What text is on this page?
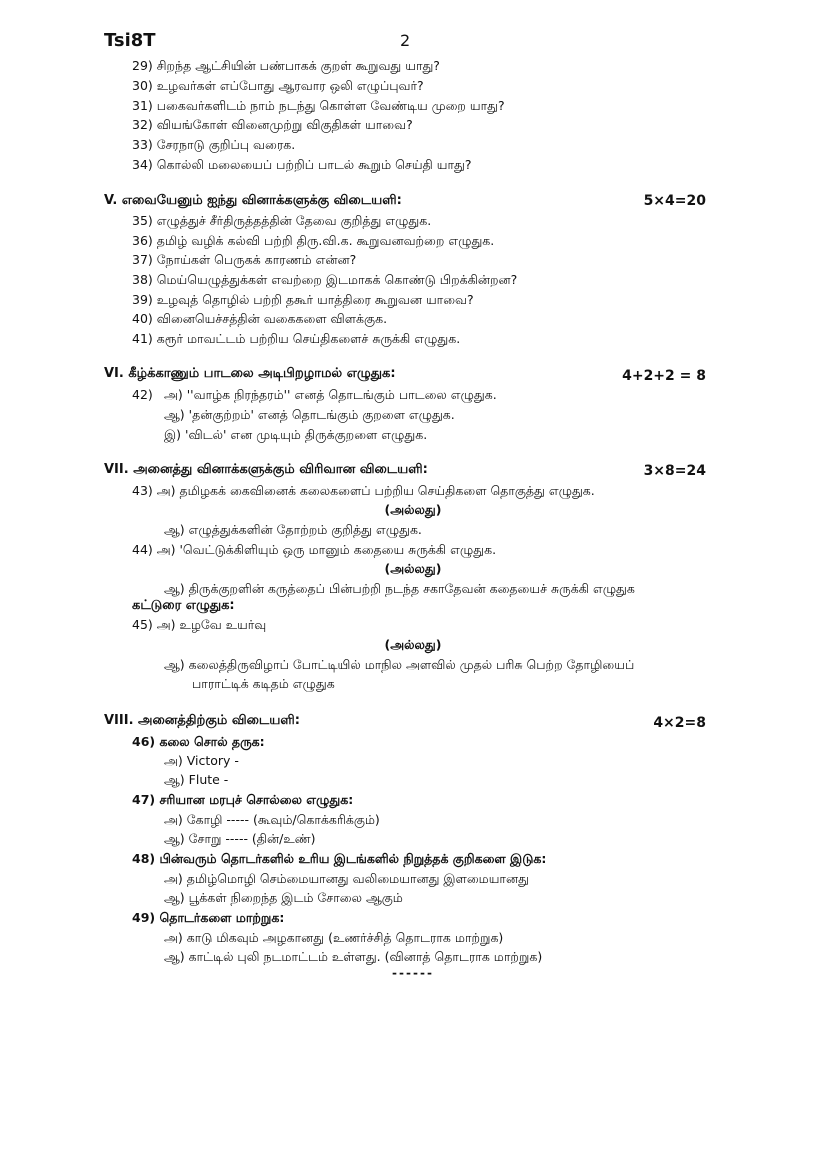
Tsi8T	2
29) சிறந்த ஆட்சியின் பண்பாகக் குறள் கூறுவது யாது?
30) உழவர்கள் எப்போது ஆரவார ஒலி எழுப்புவர்?
31) பகைவர்களிடம் நாம் நடந்து கொள்ள வேண்டிய முறை யாது?
32) வியங்கோள் வினைமுற்று விகுதிகள் யாவை?
33) சேரநாடு குறிப்பு வரைக.
34) கொல்லி மலையைப் பற்றிப் பாடல் கூறும் செய்தி யாது?
V. எவையேனும் ஐந்து வினாக்களுக்கு விடையளி:	5×4=20
35) எழுத்துச் சீர்திருத்தத்தின் தேவை குறித்து எழுதுக.
36) தமிழ் வழிக் கல்வி பற்றி திரு.வி.க. கூறுவனவற்றை எழுதுக.
37) நோய்கள் பெருகக் காரணம் என்ன?
38) மெய்யெழுத்துக்கள் எவற்றை இடமாகக் கொண்டு பிறக்கின்றன?
39) உழவுத் தொழில் பற்றி தகூர் யாத்திரை கூறுவன யாவை?
40) வினையெச்சத்தின் வகைகளை விளக்குக.
41) கரூர் மாவட்டம் பற்றிய செய்திகளைச் சுருக்கி எழுதுக.
VI. கீழ்க்காணும் பாடலை அடிபிறழாமல் எழுதுக:	4+2+2 = 8
42) அ) ''வாழ்க நிரந்தரம்'' எனத் தொடங்கும் பாடலை எழுதுக.
ஆ) 'தன்குற்றம்' எனத் தொடங்கும் குறளை எழுதுக.
இ) 'விடல்' என முடியும் திருக்குறளை எழுதுக.
VII. அனைத்து வினாக்களுக்கும் விரிவான விடையளி:	3×8=24
43) அ) தமிழகக் கைவினைக் கலைகளைப் பற்றிய செய்திகளை தொகுத்து எழுதுக.
(அல்லது)
ஆ) எழுத்துக்களின் தோற்றம் குறித்து எழுதுக.
44) அ) 'வெட்டுக்கிளியும் ஒரு மானும் கதையை சுருக்கி எழுதுக.
(அல்லது)
ஆ) திருக்குறளின் கருத்தைப் பின்பற்றி நடந்த சகாதேவன் கதையைச் சுருக்கி எழுதுக
கட்டுரை எழுதுக:
45) அ) உழவே உயர்வு
(அல்லது)
ஆ) கலைத்திருவிழாப் போட்டியில் மாநில அளவில் முதல் பரிசு பெற்ற தோழியைப்
பாராட்டிக் கடிதம் எழுதுக
VIII. அனைத்திற்கும் விடையளி:	4×2=8
46) கலை சொல் தருக:
அ) Victory -
ஆ) Flute -
47) சரியான மரபுச் சொல்லை எழுதுக:
அ) கோழி ----- (கூவும்/கொக்கரிக்கும்)
ஆ) சோறு ----- (தின்/உண்)
48) பின்வரும் தொடர்களில் உரிய இடங்களில் நிறுத்தக் குறிகளை இடுக:
அ) தமிழ்மொழி செம்மையானது வலிமையானது இளமையானது
ஆ) பூக்கள் நிறைந்த இடம் சோலை ஆகும்
49) தொடர்களை மாற்றுக:
அ) காடு மிகவும் அழகானது (உணர்ச்சித் தொடராக மாற்றுக)
ஆ) காட்டில் புலி நடமாட்டம் உள்ளது. (வினாத் தொடராக மாற்றுக)
------
